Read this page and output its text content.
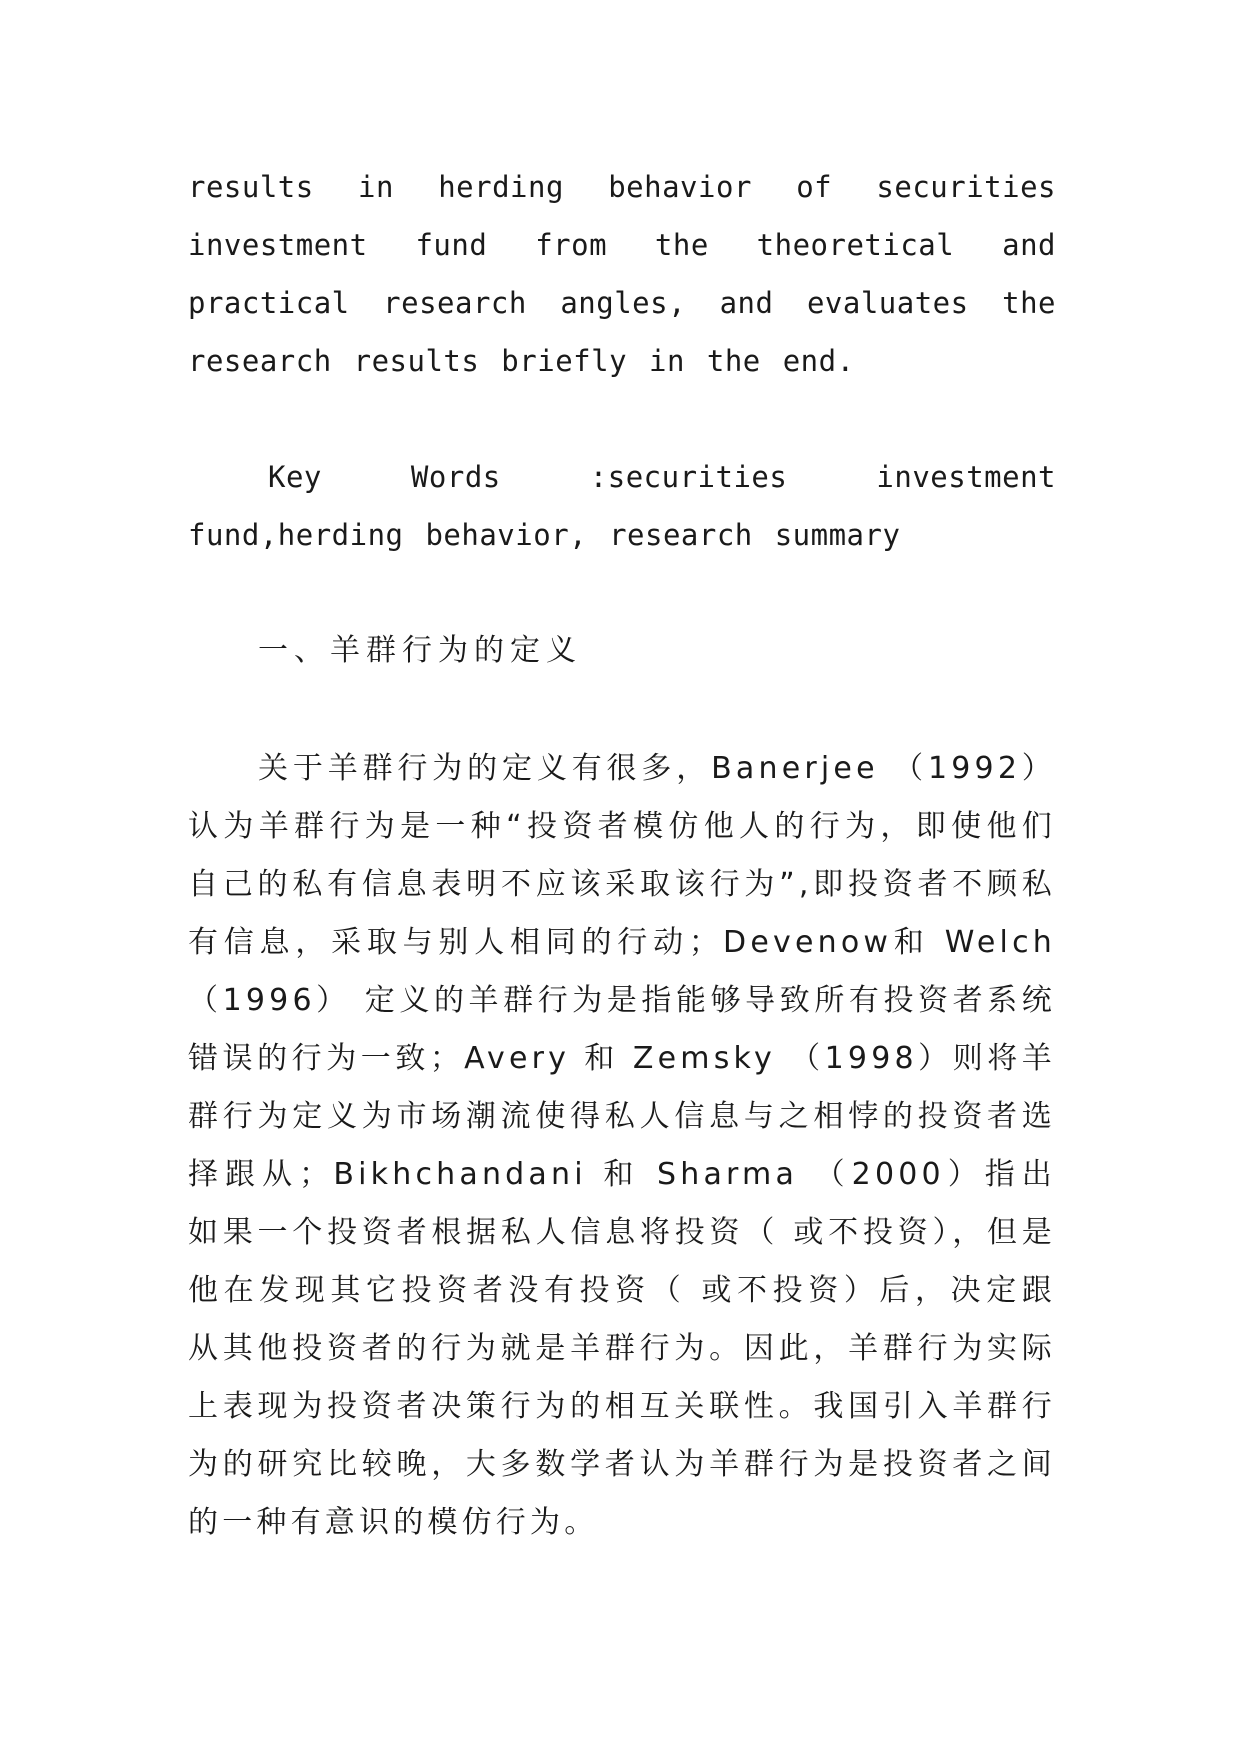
results in herding behavior of securities investment fund from the theoretical and practical research angles, and evaluates the research results briefly in the end.

Key Words :securities investment fund,herding behavior, research summary

一、羊群行为的定义

关于羊群行为的定义有很多，Banerjee （1992）认为羊群行为是一种“投资者模仿他人的行为，即使他们自己的私有信息表明不应该采取该行为”,即投资者不顾私有信息，采取与别人相同的行动；Devenow和 Welch （1996） 定义的羊群行为是指能够导致所有投资者系统错误的行为一致；Avery 和 Zemsky （1998）则将羊群行为定义为市场潮流使得私人信息与之相悖的投资者选择跟从；Bikhchandani 和 Sharma （2000）指出如果一个投资者根据私人信息将投资（ 或不投资），但是他在发现其它投资者没有投资（ 或不投资）后，决定跟从其他投资者的行为就是羊群行为。因此，羊群行为实际上表现为投资者决策行为的相互关联性。我国引入羊群行为的研究比较晚，大多数学者认为羊群行为是投资者之间的一种有意识的模仿行为。
